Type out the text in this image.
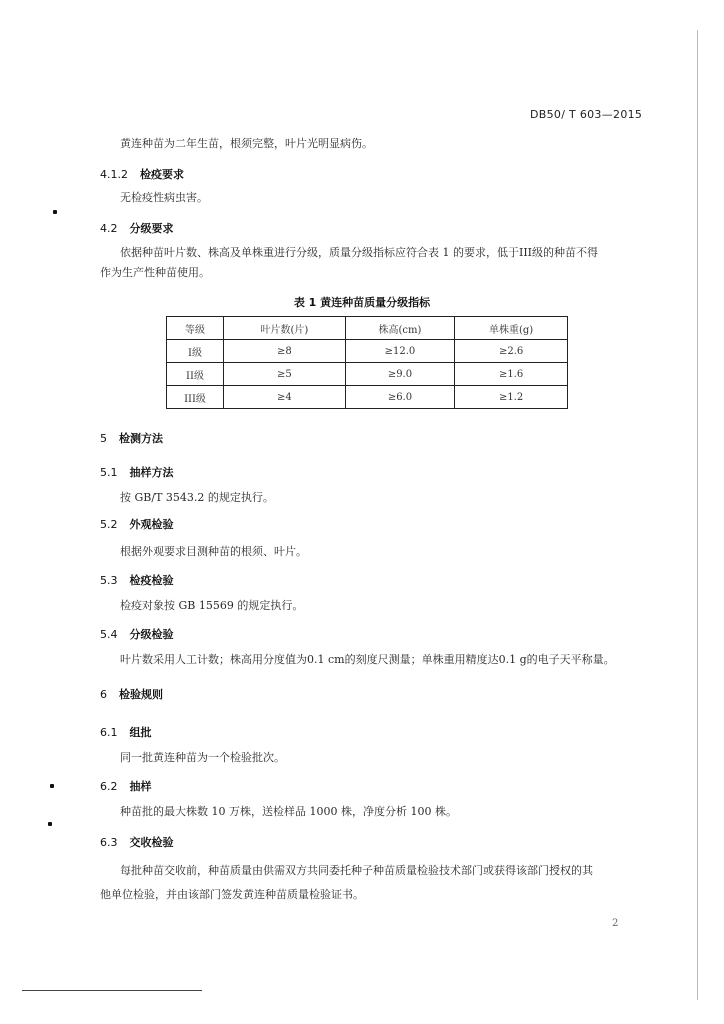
DB50/ T 603—2015
黄连种苗为二年生苗，根须完整，叶片光明显病伤。
4.1.2 检疫要求
无检疫性病虫害。
4.2 分级要求
依据种苗叶片数、株高及单株重进行分级，质量分级指标应符合表 1 的要求，低于III级的种苗不得
作为生产性种苗使用。
表 1 黄连种苗质量分级指标
等级	叶片数(片)	株高(cm)	单株重(g)
I级	≥8	≥12.0	≥2.6
II级	≥5	≥9.0	≥1.6
III级	≥4	≥6.0	≥1.2
5 检测方法
5.1 抽样方法
按 GB/T 3543.2 的规定执行。
5.2 外观检验
根据外观要求目测种苗的根须、叶片。
5.3 检疫检验
检疫对象按 GB 15569 的规定执行。
5.4 分级检验
叶片数采用人工计数；株高用分度值为0.1 cm的刻度尺测量；单株重用精度达0.1 g的电子天平称量。
6 检验规则
6.1 组批
同一批黄连种苗为一个检验批次。
6.2 抽样
种苗批的最大株数 10 万株，送检样品 1000 株，净度分析 100 株。
6.3 交收检验
每批种苗交收前，种苗质量由供需双方共同委托种子种苗质量检验技术部门或获得该部门授权的其
他单位检验，并由该部门签发黄连种苗质量检验证书。
2
